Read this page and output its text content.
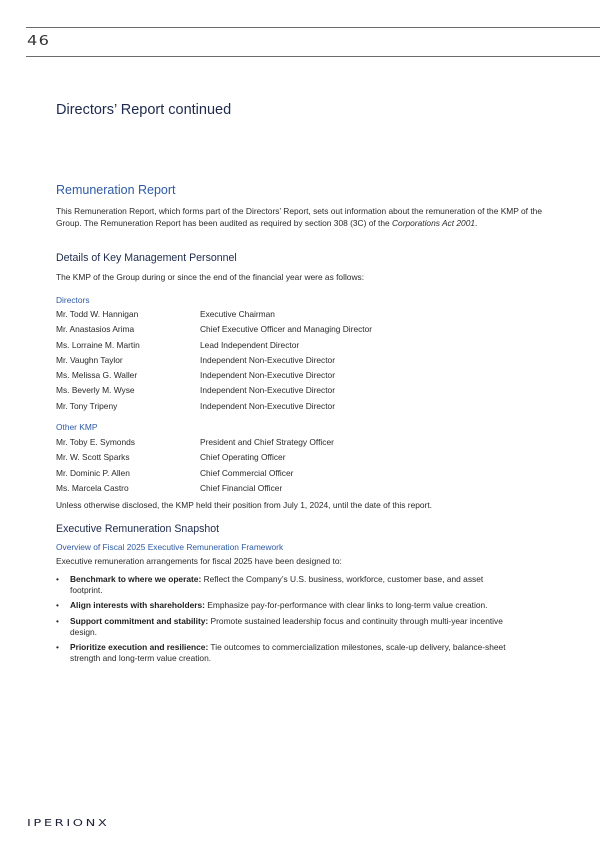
46
Directors’ Report continued
Remuneration Report
This Remuneration Report, which forms part of the Directors’ Report, sets out information about the remuneration of the KMP of the Group. The Remuneration Report has been audited as required by section 308 (3C) of the Corporations Act 2001.
Details of Key Management Personnel
The KMP of the Group during or since the end of the financial year were as follows:
Directors
Mr. Todd W. Hannigan	Executive Chairman
Mr. Anastasios Arima	Chief Executive Officer and Managing Director
Ms. Lorraine M. Martin	Lead Independent Director
Mr. Vaughn Taylor	Independent Non-Executive Director
Ms. Melissa G. Waller	Independent Non-Executive Director
Ms. Beverly M. Wyse	Independent Non-Executive Director
Mr. Tony Tripeny	Independent Non-Executive Director
Other KMP
Mr. Toby E. Symonds	President and Chief Strategy Officer
Mr. W. Scott Sparks	Chief Operating Officer
Mr. Dominic P. Allen	Chief Commercial Officer
Ms. Marcela Castro	Chief Financial Officer
Unless otherwise disclosed, the KMP held their position from July 1, 2024, until the date of this report.
Executive Remuneration Snapshot
Overview of Fiscal 2025 Executive Remuneration Framework
Executive remuneration arrangements for fiscal 2025 have been designed to:
• Benchmark to where we operate: Reflect the Company’s U.S. business, workforce, customer base, and asset footprint.
• Align interests with shareholders: Emphasize pay-for-performance with clear links to long-term value creation.
• Support commitment and stability: Promote sustained leadership focus and continuity through multi-year incentive design.
• Prioritize execution and resilience: Tie outcomes to commercialization milestones, scale-up delivery, balance-sheet strength and long-term value creation.
IPERIONX
